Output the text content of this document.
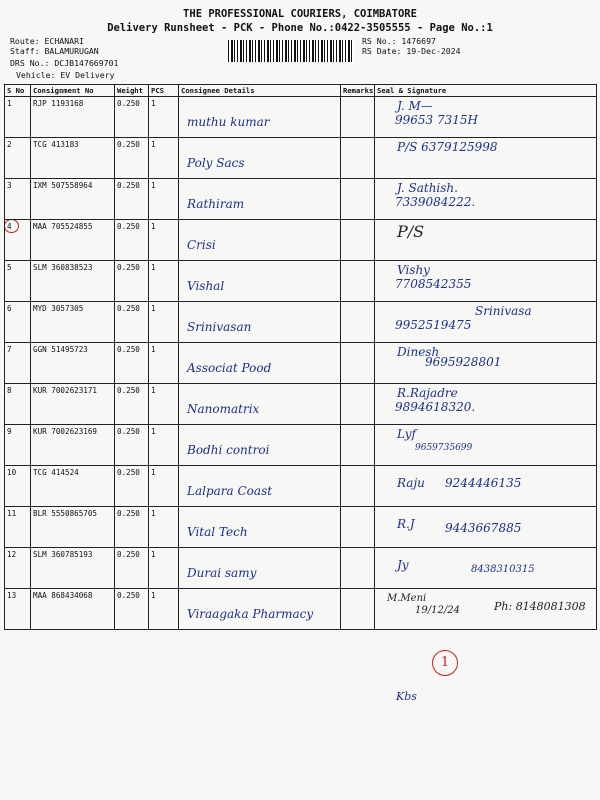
THE PROFESSIONAL COURIERS, COIMBATORE
Delivery Runsheet - PCK - Phone No.:0422-3505555 - Page No.:1
Route: ECHANARI
Staff: BALAMURUGAN
DRS No.: DCJB147669701
Vehicle: EV Delivery
RS No.: 1476697
RS Date: 19-Dec-2024
S No	Consignment No	Weight	PCS	Consignee Details	Remarks	Seal & Signature
1	RJP 1193168	0.250	1	muthu kumar		J. M—
99653 7315H

2	TCG 413183	0.250	1	Poly Sacs		P/S 6379125998

3	IXM 507558964	0.250	1	Rathiram		J. Sathish.
7339084222.

4	MAA 705524855	0.250	1	Crisi		P/S

5	SLM 360838523	0.250	1	Vishal		Vishy
7708542355

6	MYD 3057305	0.250	1	Srinivasan		Srinivasa
9952519475

7	GGN 51495723	0.250	1	Associat Pood		Dinesh
9695928801

8	KUR 7002623171	0.250	1	Nanomatrix		R.Rajadre
9894618320.

9	KUR 7002623169	0.250	1	Bodhi controi		Lyf
9659735699

10	TCG 414524	0.250	1	Lalpara Coast		Raju 9244446135

11	BLR 5550865705	0.250	1	Vital Tech		R.J 9443667885

12	SLM 360785193	0.250	1	Durai samy		Jy 8438310315

13	MAA 868434068	0.250	1	Viraagaka Pharmacy		M.Meni
19/12/24	Ph: 8148081308
1
Kbs
